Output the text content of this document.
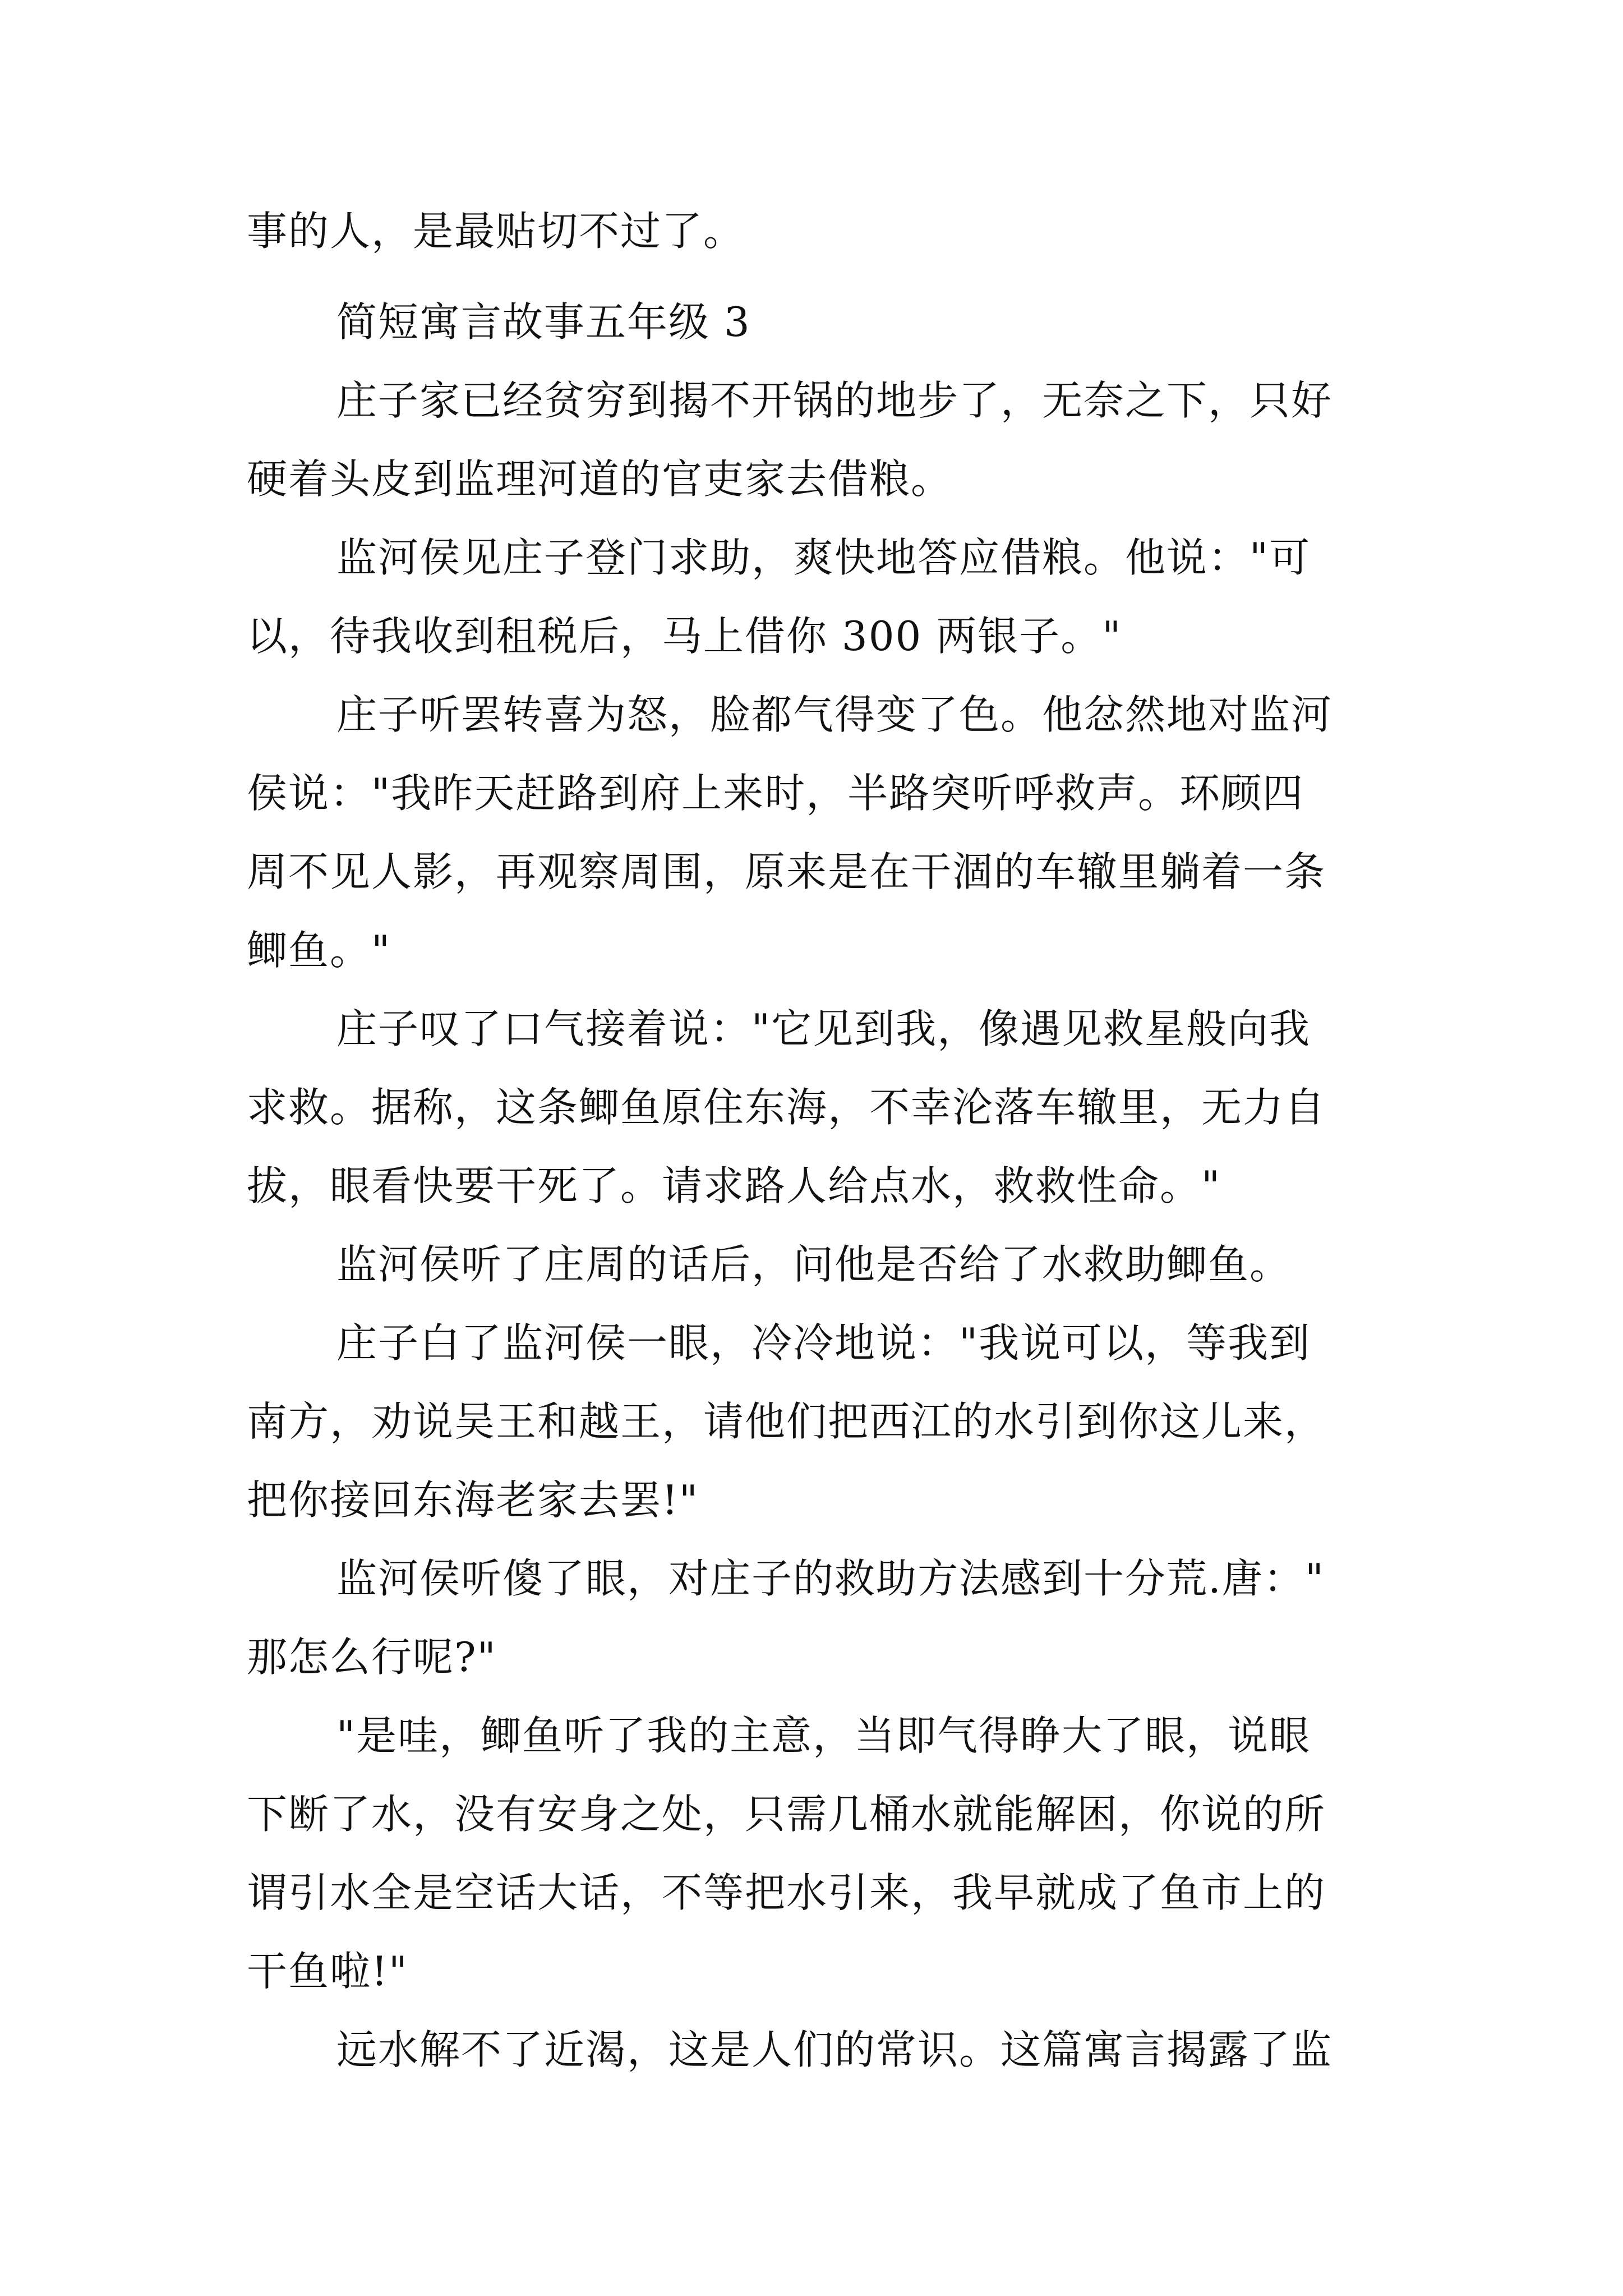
事的人，是最贴切不过了。
简短寓言故事五年级 3
庄子家已经贫穷到揭不开锅的地步了，无奈之下，只好
硬着头皮到监理河道的官吏家去借粮。
监河侯见庄子登门求助，爽快地答应借粮。他说："可
以，待我收到租税后，马上借你 300 两银子。"
庄子听罢转喜为怒，脸都气得变了色。他忿然地对监河
侯说："我昨天赶路到府上来时，半路突听呼救声。环顾四
周不见人影，再观察周围，原来是在干涸的车辙里躺着一条
鲫鱼。"
庄子叹了口气接着说："它见到我，像遇见救星般向我
求救。据称，这条鲫鱼原住东海，不幸沦落车辙里，无力自
拔，眼看快要干死了。请求路人给点水，救救性命。"
监河侯听了庄周的话后，问他是否给了水救助鲫鱼。
庄子白了监河侯一眼，冷冷地说："我说可以，等我到
南方，劝说吴王和越王，请他们把西江的水引到你这儿来，
把你接回东海老家去罢!"
监河侯听傻了眼，对庄子的救助方法感到十分荒.唐："
那怎么行呢?"
"是哇，鲫鱼听了我的主意，当即气得睁大了眼，说眼
下断了水，没有安身之处，只需几桶水就能解困，你说的所
谓引水全是空话大话，不等把水引来，我早就成了鱼市上的
干鱼啦!"
远水解不了近渴，这是人们的常识。这篇寓言揭露了监
